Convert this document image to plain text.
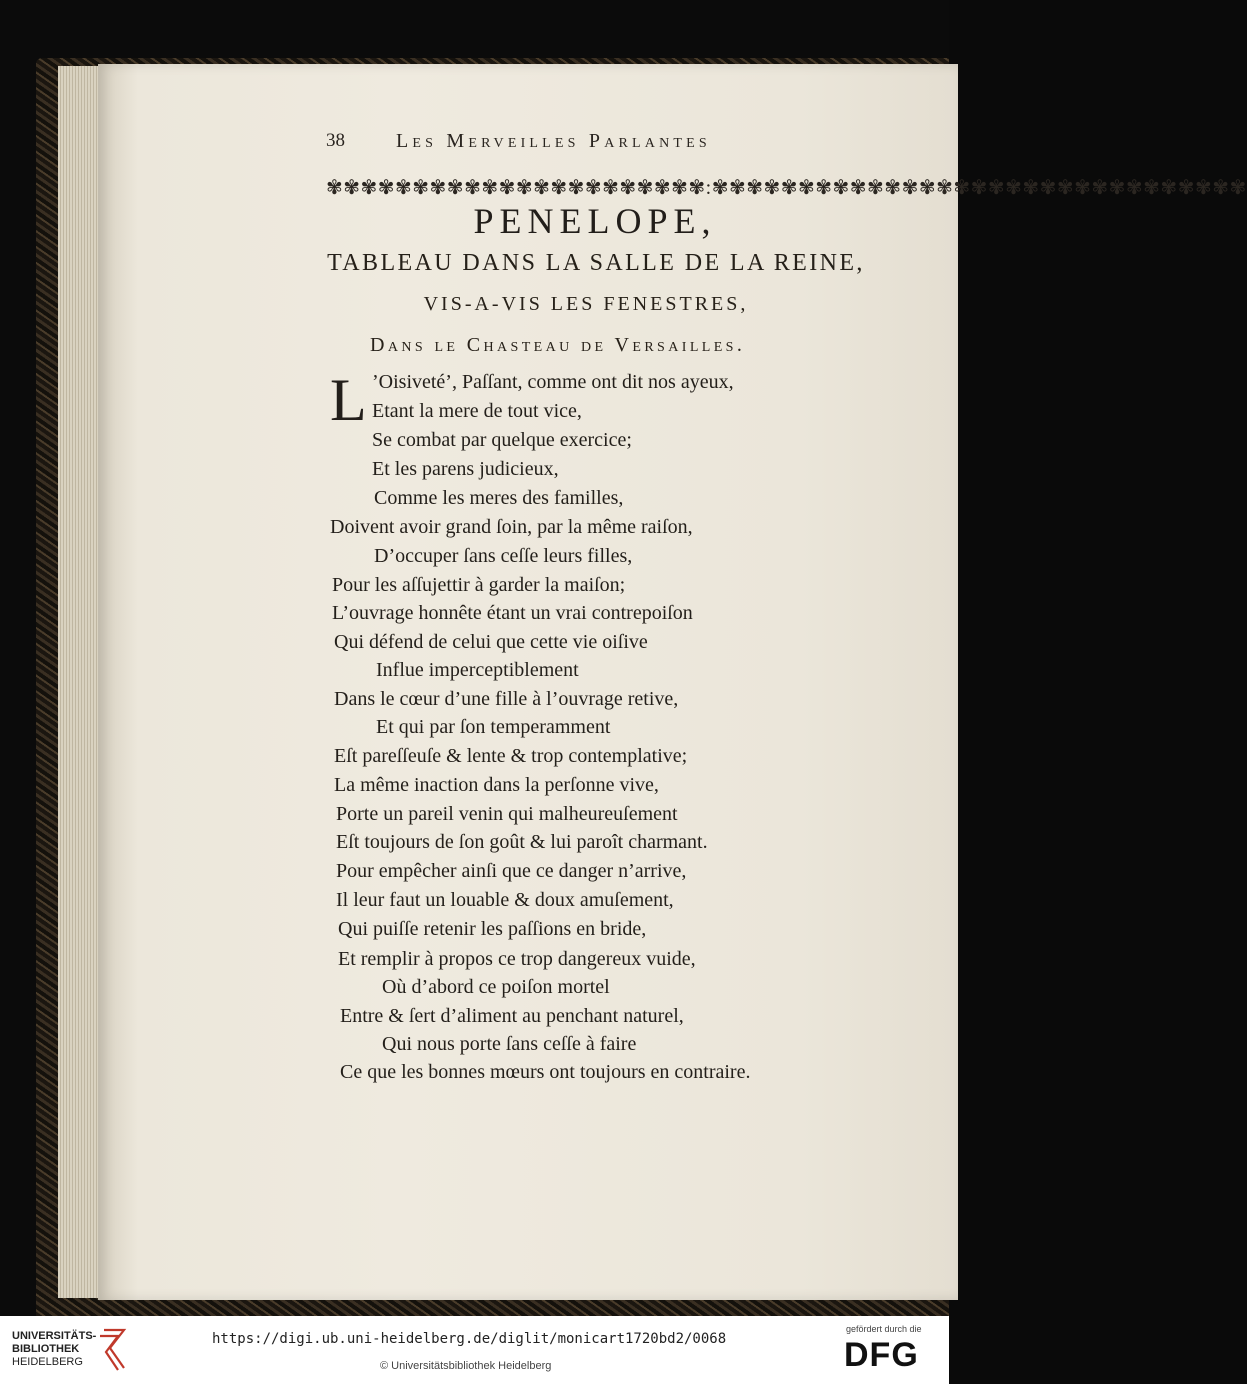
38	Les Merveilles Parlantes
✾✾✾✾✾✾✾✾✾✾✾✾✾✾✾✾✾✾✾✾✾✾:✾✾✾✾✾✾✾✾✾✾✾✾✾✾✾✾✾✾✾✾✾✾✾✾✾✾✾✾✾✾✾
PENELOPE,
TABLEAU DANS LA SALLE DE LA REINE,
VIS-A-VIS LES FENESTRES,
Dans le Chasteau de Versailles.
L ’Oisiveté’, Paſſant, comme ont dit nos ayeux,
Etant la mere de tout vice,
Se combat par quelque exercice;
Et les parens judicieux,
Comme les meres des familles,
Doivent avoir grand ſoin, par la même raiſon,
D’occuper ſans ceſſe leurs filles,
Pour les aſſujettir à garder la maiſon;
L’ouvrage honnête étant un vrai contrepoiſon
Qui défend de celui que cette vie oiſive
Influe imperceptiblement
Dans le cœur d’une fille à l’ouvrage retive,
Et qui par ſon temperamment
Eſt pareſſeuſe & lente & trop contemplative;
La même inaction dans la perſonne vive,
Porte un pareil venin qui malheureuſement
Eſt toujours de ſon goût & lui paroît charmant.
Pour empêcher ainſi que ce danger n’arrive,
Il leur faut un louable & doux amuſement,
Qui puiſſe retenir les paſſions en bride,
Et remplir à propos ce trop dangereux vuide,
Où d’abord ce poiſon mortel
Entre & ſert d’aliment au penchant naturel,
Qui nous porte ſans ceſſe à faire
Ce que les bonnes mœurs ont toujours en contraire.
UNIVERSITÄTS-
BIBLIOTHEK
HEIDELBERG
https://digi.ub.uni-heidelberg.de/diglit/monicart1720bd2/0068
© Universitätsbibliothek Heidelberg
gefördert durch die
DFG
